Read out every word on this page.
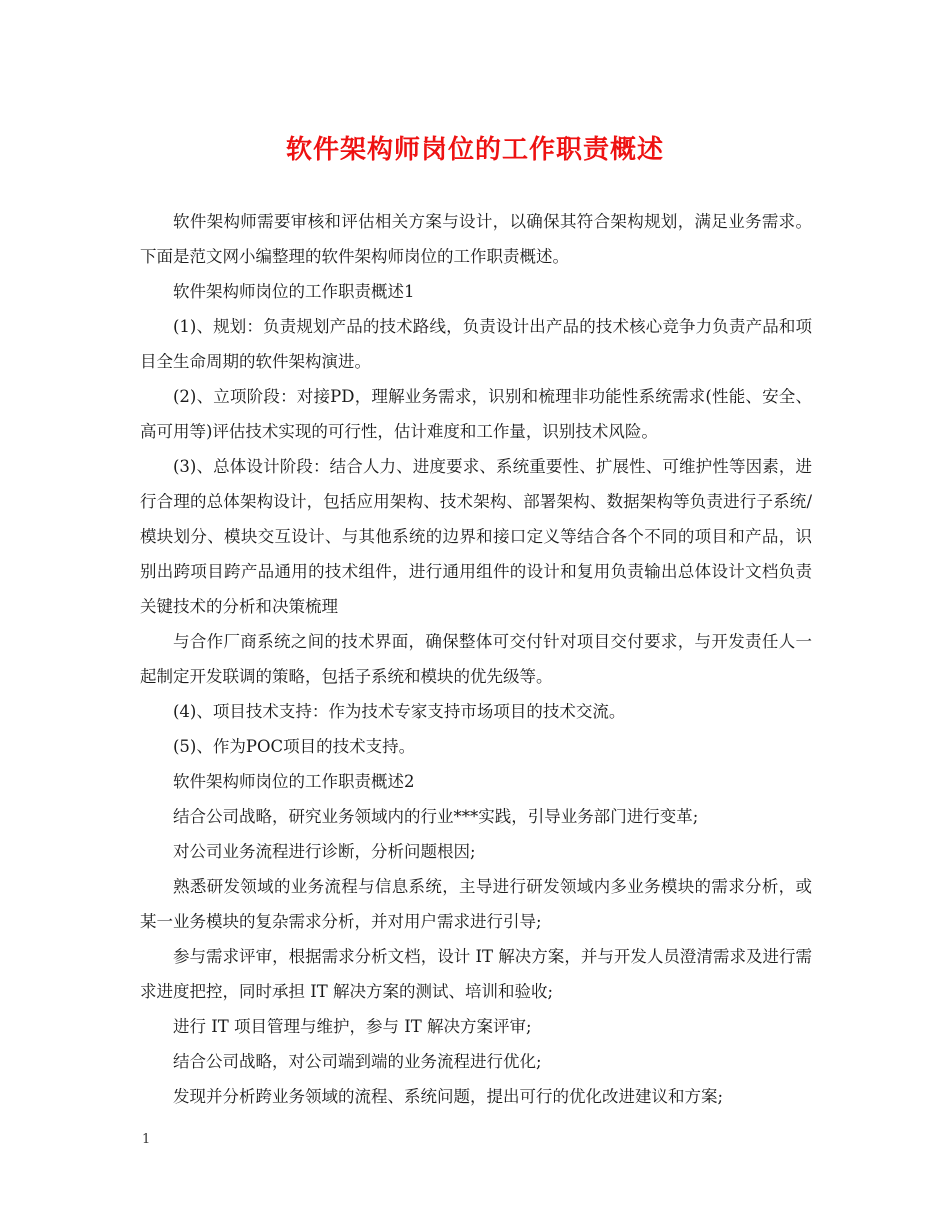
软件架构师岗位的工作职责概述

软件架构师需要审核和评估相关方案与设计，以确保其符合架构规划，满足业务需求。下面是范文网小编整理的软件架构师岗位的工作职责概述。

软件架构师岗位的工作职责概述1

(1)、规划：负责规划产品的技术路线，负责设计出产品的技术核心竞争力负责产品和项目全生命周期的软件架构演进。

(2)、立项阶段：对接PD，理解业务需求，识别和梳理非功能性系统需求(性能、安全、高可用等)评估技术实现的可行性，估计难度和工作量，识别技术风险。

(3)、总体设计阶段：结合人力、进度要求、系统重要性、扩展性、可维护性等因素，进行合理的总体架构设计，包括应用架构、技术架构、部署架构、数据架构等负责进行子系统/模块划分、模块交互设计、与其他系统的边界和接口定义等结合各个不同的项目和产品，识别出跨项目跨产品通用的技术组件，进行通用组件的设计和复用负责输出总体设计文档负责关键技术的分析和决策梳理

与合作厂商系统之间的技术界面，确保整体可交付针对项目交付要求，与开发责任人一起制定开发联调的策略，包括子系统和模块的优先级等。

(4)、项目技术支持：作为技术专家支持市场项目的技术交流。

(5)、作为POC项目的技术支持。

软件架构师岗位的工作职责概述2

结合公司战略，研究业务领域内的行业***实践，引导业务部门进行变革;

对公司业务流程进行诊断，分析问题根因;

熟悉研发领域的业务流程与信息系统，主导进行研发领域内多业务模块的需求分析，或某一业务模块的复杂需求分析，并对用户需求进行引导;

参与需求评审，根据需求分析文档，设计 IT 解决方案，并与开发人员澄清需求及进行需求进度把控，同时承担 IT 解决方案的测试、培训和验收;

进行 IT 项目管理与维护，参与 IT 解决方案评审;

结合公司战略，对公司端到端的业务流程进行优化;

发现并分析跨业务领域的流程、系统问题，提出可行的优化改进建议和方案;

1
